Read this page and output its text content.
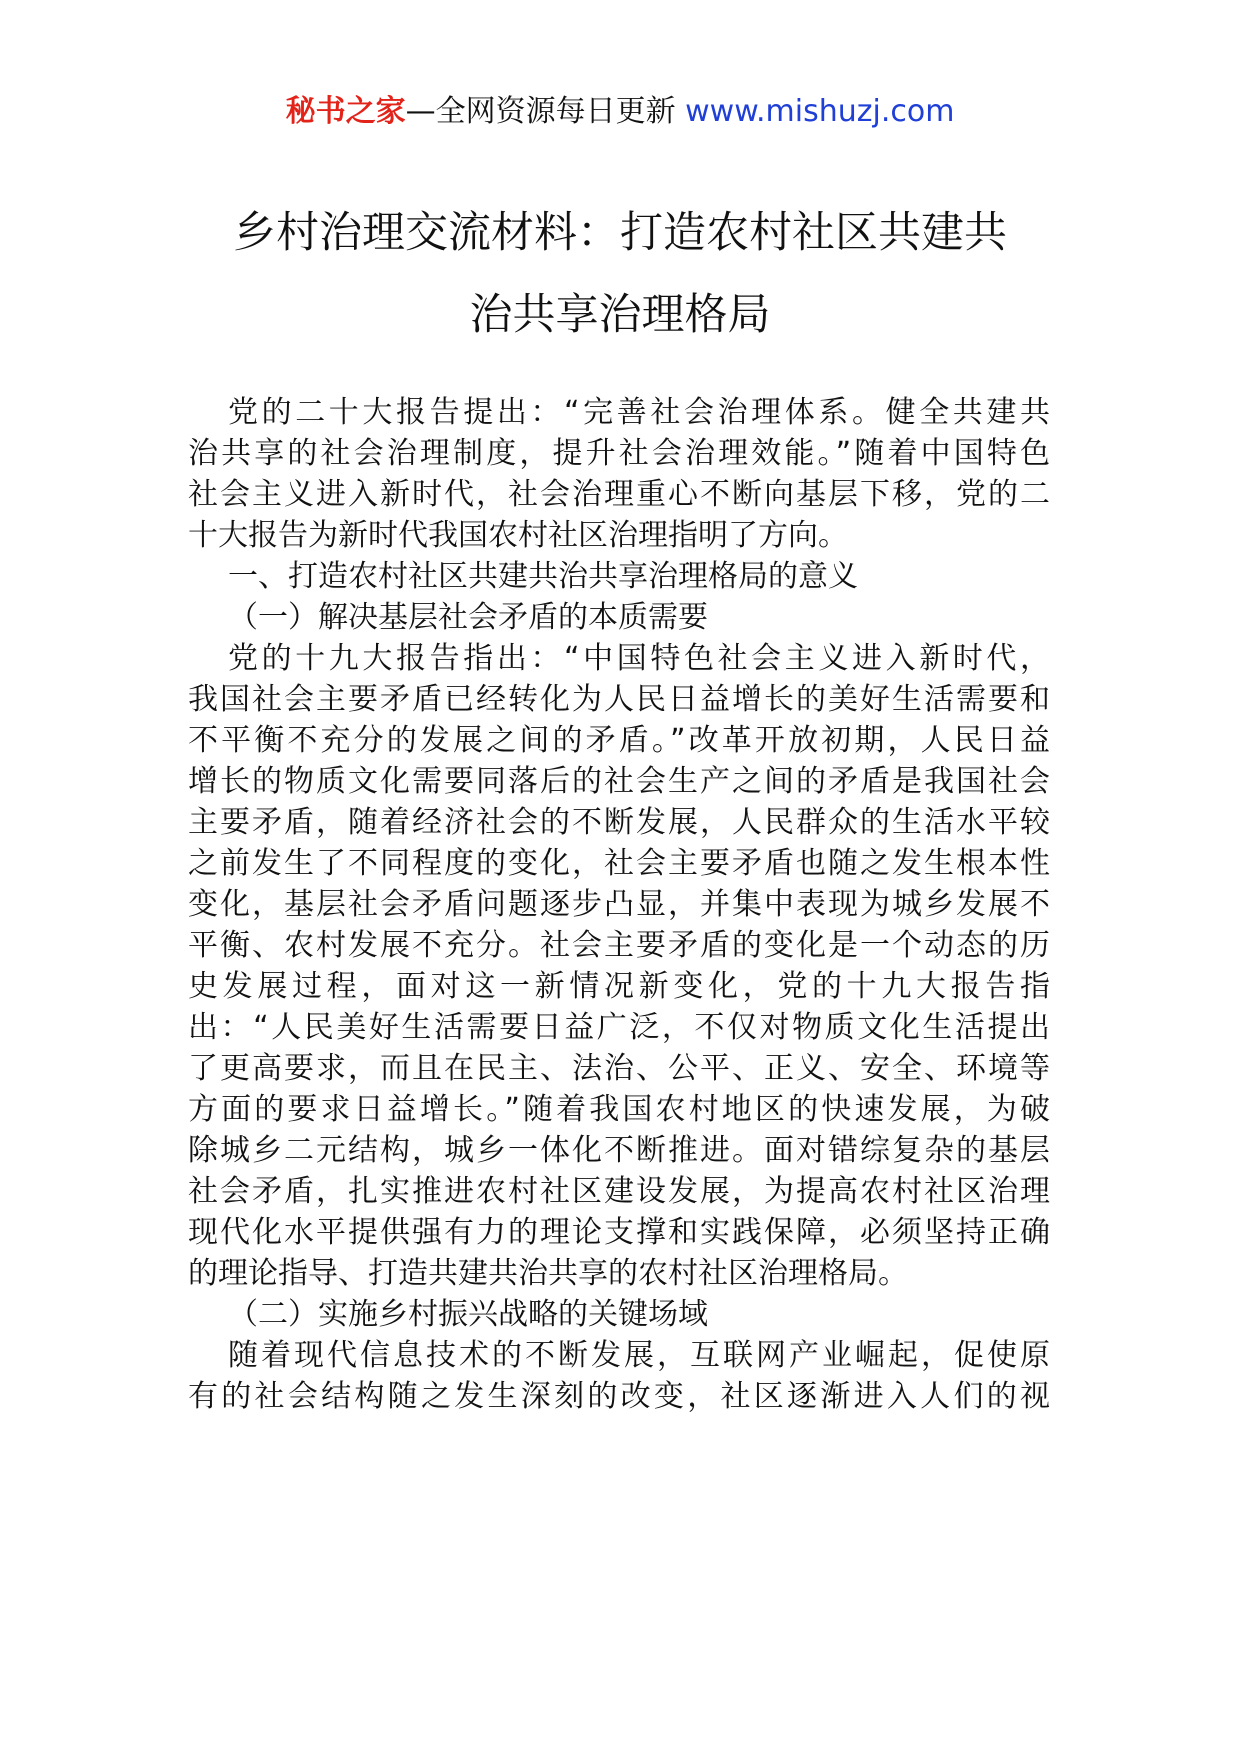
秘书之家—全网资源每日更新 www.mishuzj.com
乡村治理交流材料：打造农村社区共建共
治共享治理格局
党的二十大报告提出：“完善社会治理体系。健全共建共
治共享的社会治理制度，提升社会治理效能。”随着中国特色
社会主义进入新时代，社会治理重心不断向基层下移，党的二
十大报告为新时代我国农村社区治理指明了方向。
一、打造农村社区共建共治共享治理格局的意义
（一）解决基层社会矛盾的本质需要
党的十九大报告指出：“中国特色社会主义进入新时代，
我国社会主要矛盾已经转化为人民日益增长的美好生活需要和
不平衡不充分的发展之间的矛盾。”改革开放初期，人民日益
增长的物质文化需要同落后的社会生产之间的矛盾是我国社会
主要矛盾，随着经济社会的不断发展，人民群众的生活水平较
之前发生了不同程度的变化，社会主要矛盾也随之发生根本性
变化，基层社会矛盾问题逐步凸显，并集中表现为城乡发展不
平衡、农村发展不充分。社会主要矛盾的变化是一个动态的历
史发展过程，面对这一新情况新变化，党的十九大报告指
出：“人民美好生活需要日益广泛，不仅对物质文化生活提出
了更高要求，而且在民主、法治、公平、正义、安全、环境等
方面的要求日益增长。”随着我国农村地区的快速发展，为破
除城乡二元结构，城乡一体化不断推进。面对错综复杂的基层
社会矛盾，扎实推进农村社区建设发展，为提高农村社区治理
现代化水平提供强有力的理论支撑和实践保障，必须坚持正确
的理论指导、打造共建共治共享的农村社区治理格局。
（二）实施乡村振兴战略的关键场域
随着现代信息技术的不断发展，互联网产业崛起，促使原
有的社会结构随之发生深刻的改变，社区逐渐进入人们的视
